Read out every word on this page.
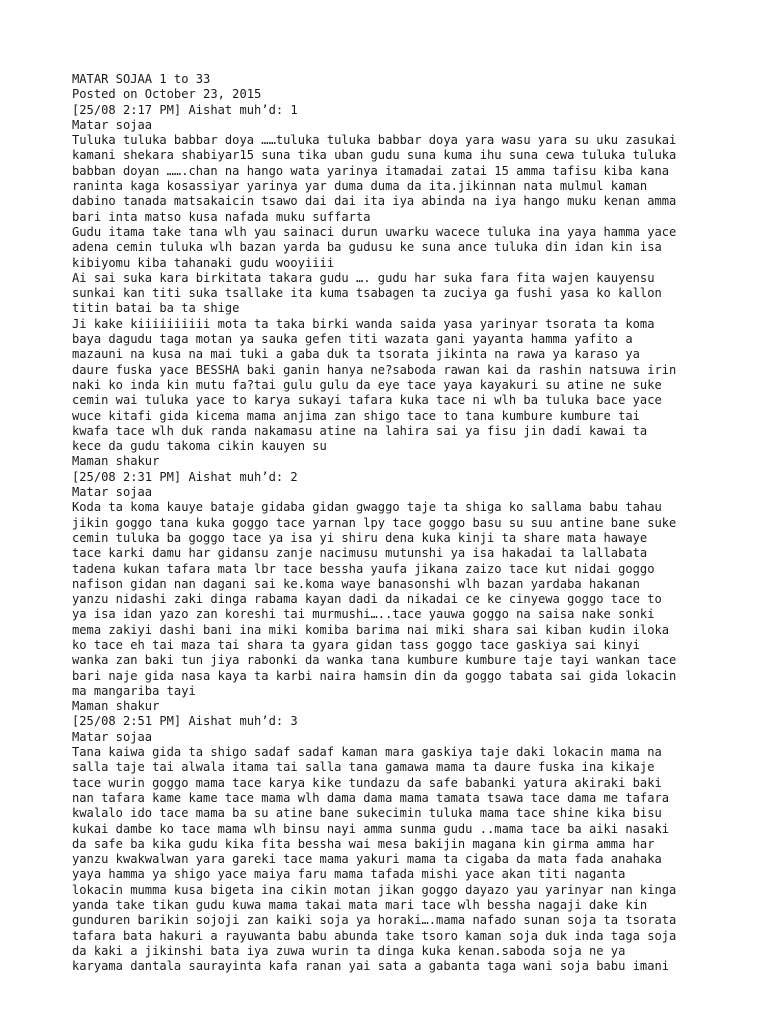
MATAR SOJAA 1 to 33
Posted on October 23, 2015
[25/08 2:17 PM] Aishat muh’d: 1
Matar sojaa
Tuluka tuluka babbar doya ……tuluka tuluka babbar doya yara wasu yara su uku zasukai
kamani shekara shabiyar15 suna tika uban gudu suna kuma ihu suna cewa tuluka tuluka
babban doyan …….chan na hango wata yarinya itamadai zatai 15 amma tafisu kiba kana
raninta kaga kosassiyar yarinya yar duma duma da ita.jikinnan nata mulmul kaman
dabino tanada matsakaicin tsawo dai dai ita iya abinda na iya hango muku kenan amma
bari inta matso kusa nafada muku suffarta
Gudu itama take tana wlh yau sainaci durun uwarku wacece tuluka ina yaya hamma yace
adena cemin tuluka wlh bazan yarda ba gudusu ke suna ance tuluka din idan kin isa
kibiyomu kiba tahanaki gudu wooyiiii
Ai sai suka kara birkitata takara gudu …. gudu har suka fara fita wajen kauyensu
sunkai kan titi suka tsallake ita kuma tsabagen ta zuciya ga fushi yasa ko kallon
titin batai ba ta shige
Ji kake kiiiiiiiiii mota ta taka birki wanda saida yasa yarinyar tsorata ta koma
baya dagudu taga motan ya sauka gefen titi wazata gani yayanta hamma yafito a
mazauni na kusa na mai tuki a gaba duk ta tsorata jikinta na rawa ya karaso ya
daure fuska yace BESSHA baki ganin hanya ne?saboda rawan kai da rashin natsuwa irin
naki ko inda kin mutu fa?tai gulu gulu da eye tace yaya kayakuri su atine ne suke
cemin wai tuluka yace to karya sukayi tafara kuka tace ni wlh ba tuluka bace yace
wuce kitafi gida kicema mama anjima zan shigo tace to tana kumbure kumbure tai
kwafa tace wlh duk randa nakamasu atine na lahira sai ya fisu jin dadi kawai ta
kece da gudu takoma cikin kauyen su
Maman shakur
[25/08 2:31 PM] Aishat muh’d: 2
Matar sojaa
Koda ta koma kauye bataje gidaba gidan gwaggo taje ta shiga ko sallama babu tahau
jikin goggo tana kuka goggo tace yarnan lpy tace goggo basu su suu antine bane suke
cemin tuluka ba goggo tace ya isa yi shiru dena kuka kinji ta share mata hawaye
tace karki damu har gidansu zanje nacimusu mutunshi ya isa hakadai ta lallabata
tadena kukan tafara mata lbr tace bessha yaufa jikana zaizo tace kut nidai goggo
nafison gidan nan dagani sai ke.koma waye banasonshi wlh bazan yardaba hakanan
yanzu nidashi zaki dinga rabama kayan dadi da nikadai ce ke cinyewa goggo tace to
ya isa idan yazo zan koreshi tai murmushi…..tace yauwa goggo na saisa nake sonki
mema zakiyi dashi bani ina miki komiba barima nai miki shara sai kiban kudin iloka
ko tace eh tai maza tai shara ta gyara gidan tass goggo tace gaskiya sai kinyi
wanka zan baki tun jiya rabonki da wanka tana kumbure kumbure taje tayi wankan tace
bari naje gida nasa kaya ta karbi naira hamsin din da goggo tabata sai gida lokacin
ma mangariba tayi
Maman shakur
[25/08 2:51 PM] Aishat muh’d: 3
Matar sojaa
Tana kaiwa gida ta shigo sadaf sadaf kaman mara gaskiya taje daki lokacin mama na
salla taje tai alwala itama tai salla tana gamawa mama ta daure fuska ina kikaje
tace wurin goggo mama tace karya kike tundazu da safe babanki yatura akiraki baki
nan tafara kame kame tace mama wlh dama dama mama tamata tsawa tace dama me tafara
kwalalo ido tace mama ba su atine bane sukecimin tuluka mama tace shine kika bisu
kukai dambe ko tace mama wlh binsu nayi amma sunma gudu ..mama tace ba aiki nasaki
da safe ba kika gudu kika fita bessha wai mesa bakijin magana kin girma amma har
yanzu kwakwalwan yara gareki tace mama yakuri mama ta cigaba da mata fada anahaka
yaya hamma ya shigo yace maiya faru mama tafada mishi yace akan titi naganta
lokacin mumma kusa bigeta ina cikin motan jikan goggo dayazo yau yarinyar nan kinga
yanda take tikan gudu kuwa mama takai mata mari tace wlh bessha nagaji dake kin
gunduren barikin sojoji zan kaiki soja ya horaki….mama nafado sunan soja ta tsorata
tafara bata hakuri a rayuwanta babu abunda take tsoro kaman soja duk inda taga soja
da kaki a jikinshi bata iya zuwa wurin ta dinga kuka kenan.saboda soja ne ya
karyama dantala saurayinta kafa ranan yai sata a gabanta taga wani soja babu imani
